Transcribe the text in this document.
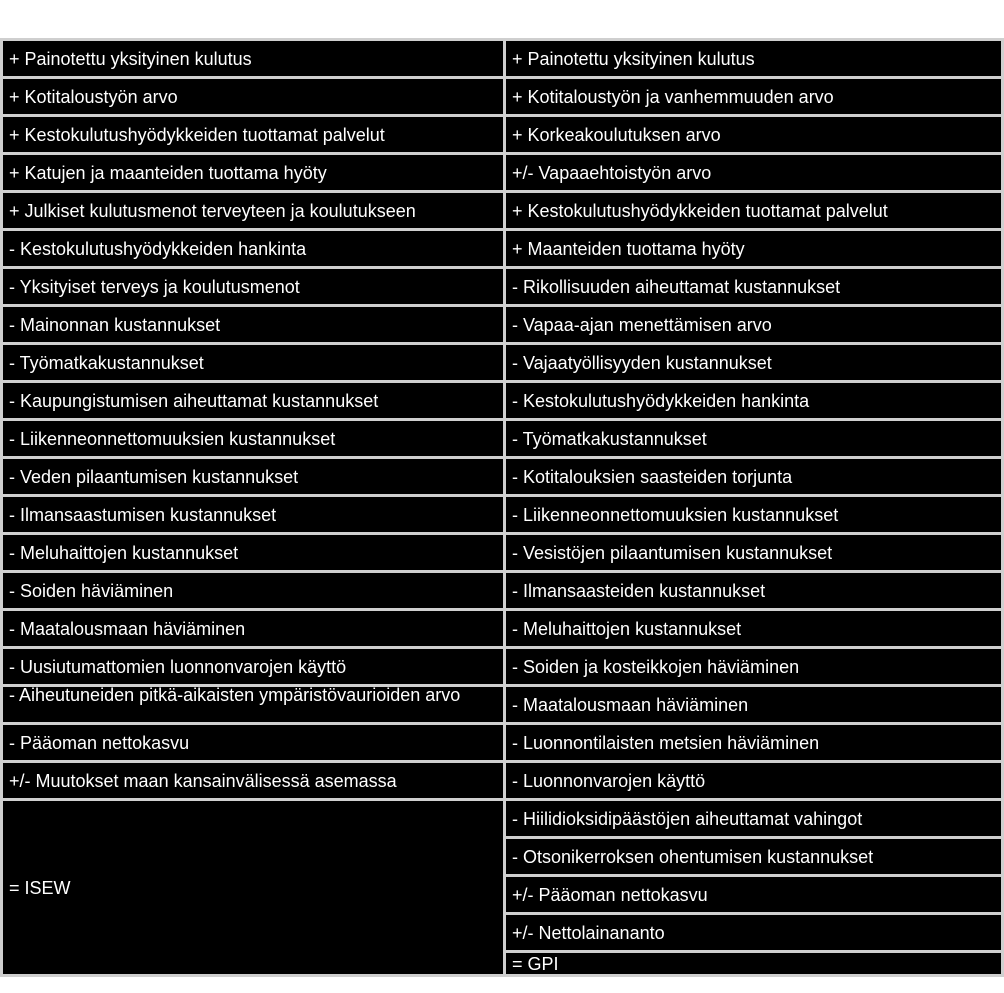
+ Painotettu yksityinen kulutus	+ Painotettu yksityinen kulutus
+ Kotitaloustyön arvo	+ Kotitaloustyön ja vanhemmuuden arvo
+ Kestokulutushyödykkeiden tuottamat palvelut	+ Korkeakoulutuksen arvo
+ Katujen ja maanteiden tuottama hyöty	+/- Vapaaehtoistyön arvo
+ Julkiset kulutusmenot terveyteen ja koulutukseen	+ Kestokulutushyödykkeiden tuottamat palvelut
- Kestokulutushyödykkeiden hankinta	+ Maanteiden tuottama hyöty
- Yksityiset terveys ja koulutusmenot	- Rikollisuuden aiheuttamat kustannukset
- Mainonnan kustannukset	- Vapaa-ajan menettämisen arvo
- Työmatkakustannukset	- Vajaatyöllisyyden kustannukset
- Kaupungistumisen aiheuttamat kustannukset	- Kestokulutushyödykkeiden hankinta
- Liikenneonnettomuuksien kustannukset	- Työmatkakustannukset
- Veden pilaantumisen kustannukset	- Kotitalouksien saasteiden torjunta
- Ilmansaastumisen kustannukset	- Liikenneonnettomuuksien kustannukset
- Meluhaittojen kustannukset	- Vesistöjen pilaantumisen kustannukset
- Soiden häviäminen	- Ilmansaasteiden kustannukset
- Maatalousmaan häviäminen	- Meluhaittojen kustannukset
- Uusiutumattomien luonnonvarojen käyttö	- Soiden ja kosteikkojen häviäminen
- Aiheutuneiden pitkä-aikaisten ympäristövaurioiden arvo	- Maatalousmaan häviäminen
- Pääoman nettokasvu	- Luonnontilaisten metsien häviäminen
+/- Muutokset maan kansainvälisessä asemassa	- Luonnonvarojen käyttö
= ISEW	- Hiilidioksidipäästöjen aiheuttamat vahingot
	- Otsonikerroksen ohentumisen kustannukset
	+/- Pääoman nettokasvu
	+/- Nettolainananto
	= GPI
